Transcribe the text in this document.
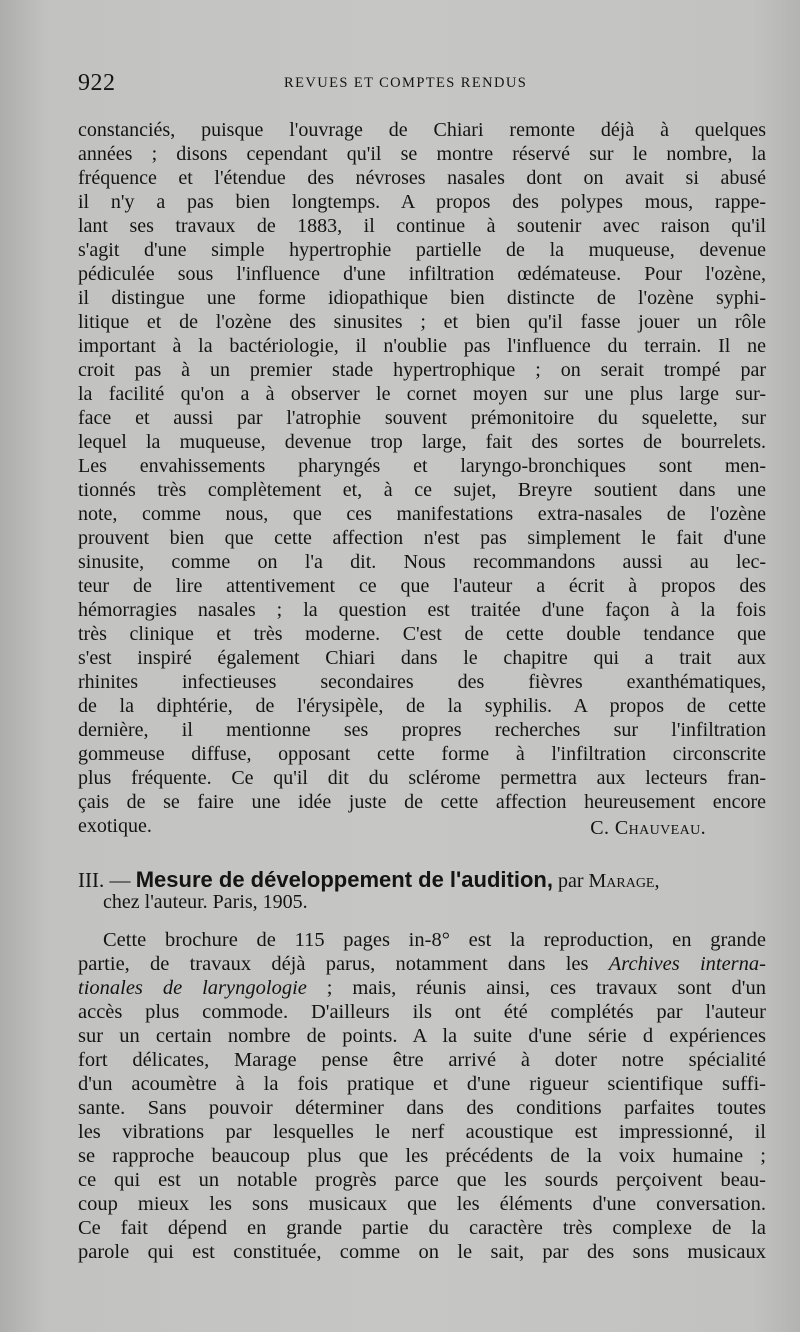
922	REVUES ET COMPTES RENDUS
constanciés, puisque l'ouvrage de Chiari remonte déjà à quelques
années ; disons cependant qu'il se montre réservé sur le nombre, la
fréquence et l'étendue des névroses nasales dont on avait si abusé
il n'y a pas bien longtemps. A propos des polypes mous, rappe-
lant ses travaux de 1883, il continue à soutenir avec raison qu'il
s'agit d'une simple hypertrophie partielle de la muqueuse, devenue
pédiculée sous l'influence d'une infiltration œdémateuse. Pour l'ozène,
il distingue une forme idiopathique bien distincte de l'ozène syphi-
litique et de l'ozène des sinusites ; et bien qu'il fasse jouer un rôle
important à la bactériologie, il n'oublie pas l'influence du terrain. Il ne
croit pas à un premier stade hypertrophique ; on serait trompé par
la facilité qu'on a à observer le cornet moyen sur une plus large sur-
face et aussi par l'atrophie souvent prémonitoire du squelette, sur
lequel la muqueuse, devenue trop large, fait des sortes de bourrelets.
Les envahissements pharyngés et laryngo-bronchiques sont men-
tionnés très complètement et, à ce sujet, Breyre soutient dans une
note, comme nous, que ces manifestations extra-nasales de l'ozène
prouvent bien que cette affection n'est pas simplement le fait d'une
sinusite, comme on l'a dit. Nous recommandons aussi au lec-
teur de lire attentivement ce que l'auteur a écrit à propos des
hémorragies nasales ; la question est traitée d'une façon à la fois
très clinique et très moderne. C'est de cette double tendance que
s'est inspiré également Chiari dans le chapitre qui a trait aux
rhinites infectieuses secondaires des fièvres exanthématiques,
de la diphtérie, de l'érysipèle, de la syphilis. A propos de cette
dernière, il mentionne ses propres recherches sur l'infiltration
gommeuse diffuse, opposant cette forme à l'infiltration circonscrite
plus fréquente. Ce qu'il dit du sclérome permettra aux lecteurs fran-
çais de se faire une idée juste de cette affection heureusement encore
exotique.	C. Chauveau.
III. — Mesure de développement de l'audition, par Marage,
chez l'auteur. Paris, 1905.
Cette brochure de 115 pages in-8° est la reproduction, en grande
partie, de travaux déjà parus, notamment dans les Archives interna-
tionales de laryngologie ; mais, réunis ainsi, ces travaux sont d'un
accès plus commode. D'ailleurs ils ont été complétés par l'auteur
sur un certain nombre de points. A la suite d'une série d expériences
fort délicates, Marage pense être arrivé à doter notre spécialité
d'un acoumètre à la fois pratique et d'une rigueur scientifique suffi-
sante. Sans pouvoir déterminer dans des conditions parfaites toutes
les vibrations par lesquelles le nerf acoustique est impressionné, il
se rapproche beaucoup plus que les précédents de la voix humaine ;
ce qui est un notable progrès parce que les sourds perçoivent beau-
coup mieux les sons musicaux que les éléments d'une conversation.
Ce fait dépend en grande partie du caractère très complexe de la
parole qui est constituée, comme on le sait, par des sons musicaux
